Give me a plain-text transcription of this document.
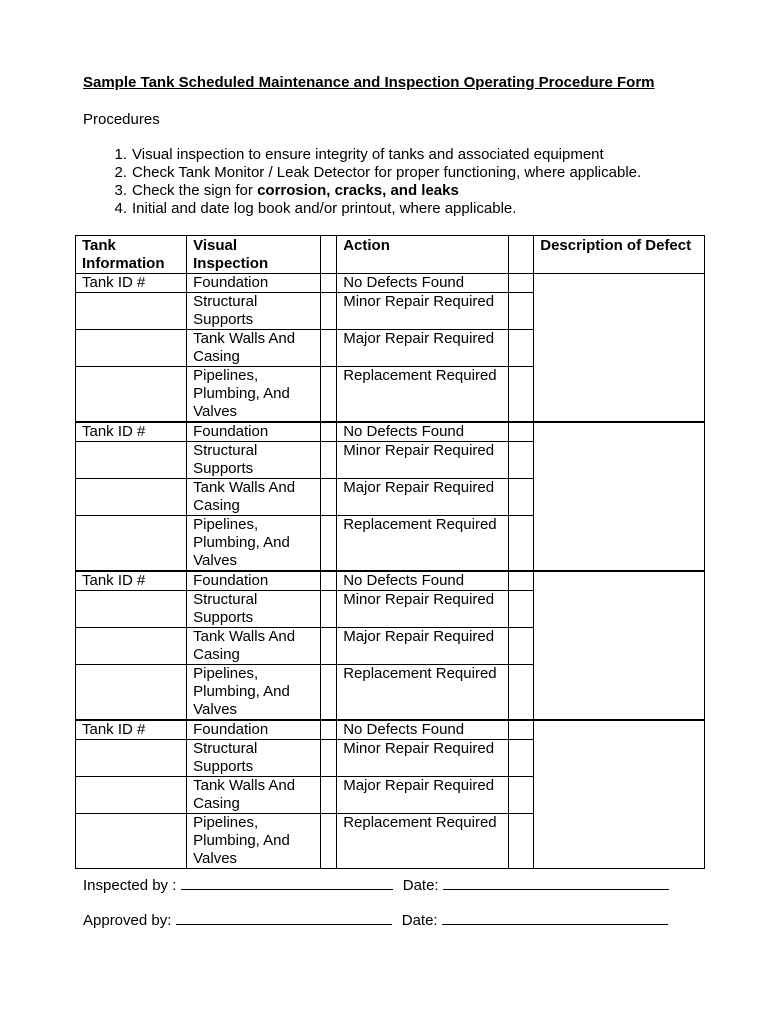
Sample Tank Scheduled Maintenance and Inspection Operating Procedure Form
Procedures
1. Visual inspection to ensure integrity of tanks and associated equipment
2. Check Tank Monitor / Leak Detector for proper functioning, where applicable.
3. Check the sign for corrosion, cracks, and leaks
4. Initial and date log book and/or printout, where applicable.
Tank Information	Visual Inspection		Action		Description of Defect
Tank ID #	Foundation		No Defects Found		
	Structural Supports		Minor Repair Required		
	Tank Walls And Casing		Major Repair Required		
	Pipelines, Plumbing, And Valves		Replacement Required		
Tank ID #	Foundation		No Defects Found		
	Structural Supports		Minor Repair Required		
	Tank Walls And Casing		Major Repair Required		
	Pipelines, Plumbing, And Valves		Replacement Required		
Tank ID #	Foundation		No Defects Found		
	Structural Supports		Minor Repair Required		
	Tank Walls And Casing		Major Repair Required		
	Pipelines, Plumbing, And Valves		Replacement Required		
Tank ID #	Foundation		No Defects Found		
	Structural Supports		Minor Repair Required		
	Tank Walls And Casing		Major Repair Required		
	Pipelines, Plumbing, And Valves		Replacement Required		
Inspected by :	Date:
Approved by:	Date:
